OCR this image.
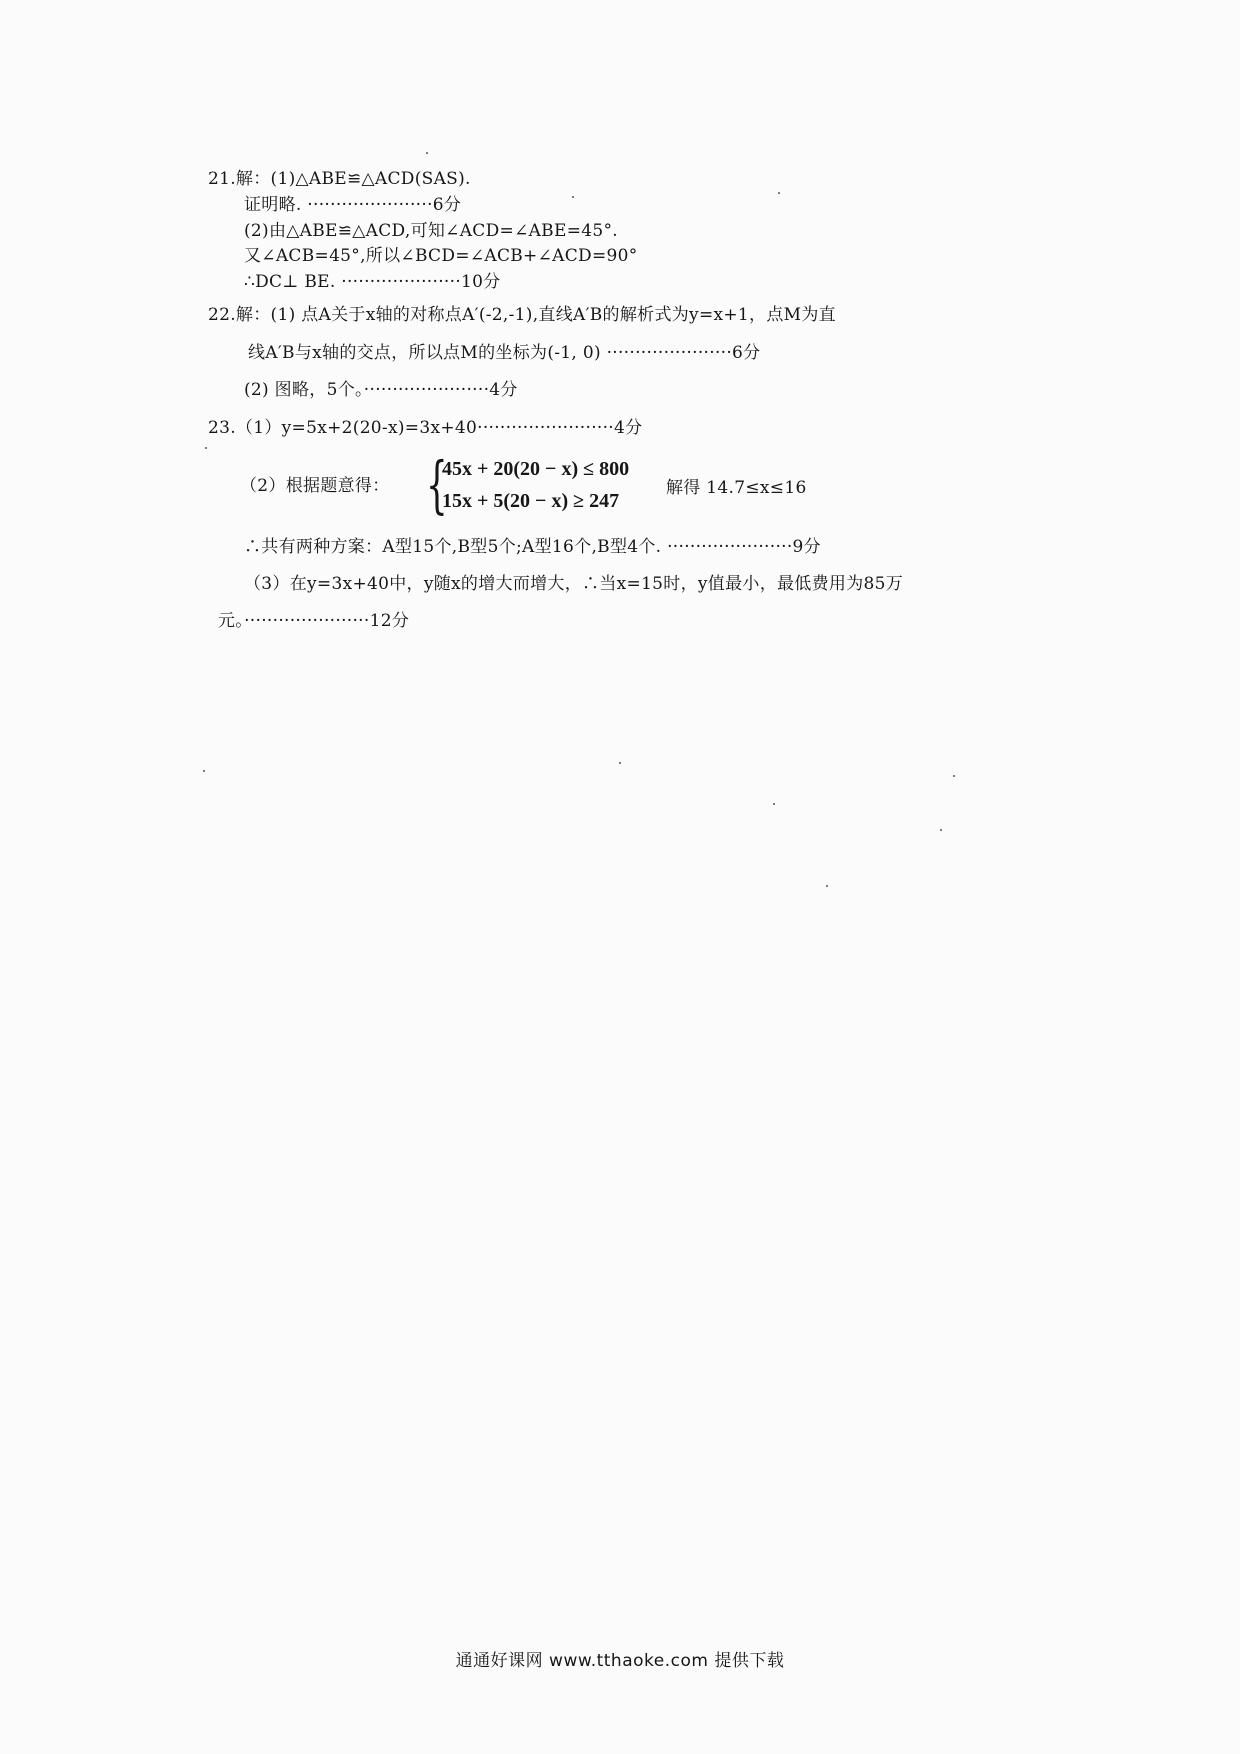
21.解：(1)△ABE≌△ACD(SAS).
证明略. ······················6分
(2)由△ABE≌△ACD,可知∠ACD=∠ABE=45°.
又∠ACB=45°,所以∠BCD=∠ACB+∠ACD=90°
∴DC⊥ BE. ·····················10分
22.解：(1) 点A关于x轴的对称点A′(-2,-1),直线A′B的解析式为y=x+1，点M为直
线A′B与x轴的交点，所以点M的坐标为(-1, 0) ······················6分
(2) 图略，5个。······················4分
23.（1）y=5x+2(20-x)=3x+40························4分
（2）根据题意得： {
45x + 20(20 − x) ≤ 800
15x + 5(20 − x) ≥ 247
解得 14.7≤x≤16
∴共有两种方案：A型15个,B型5个;A型16个,B型4个. ······················9分
（3）在y=3x+40中，y随x的增大而增大，∴当x=15时，y值最小，最低费用为85万
元。······················12分
通通好课网 www.tthaoke.com 提供下载
